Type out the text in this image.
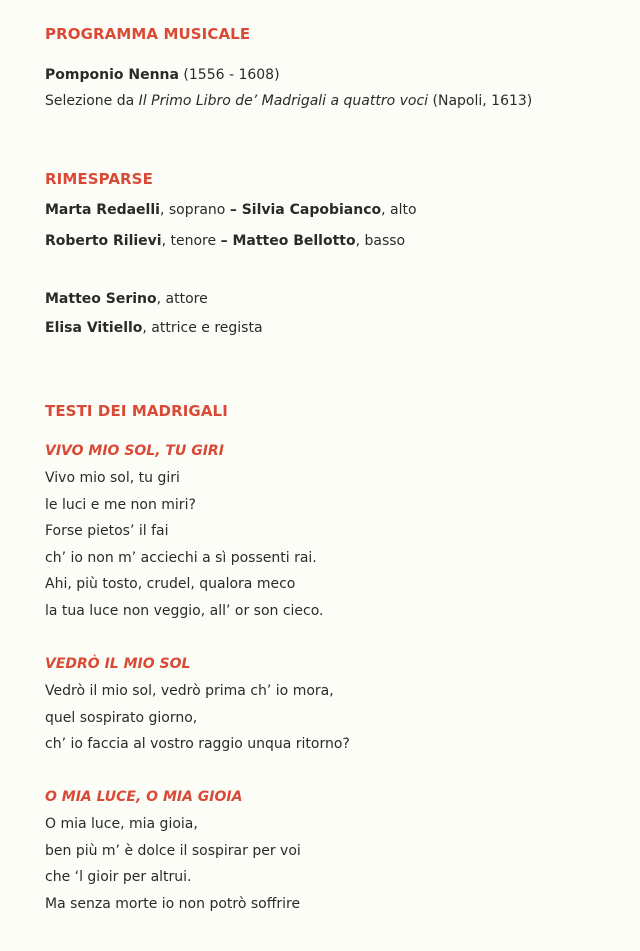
PROGRAMMA MUSICALE

Pomponio Nenna (1556 - 1608)

Selezione da Il Primo Libro de’ Madrigali a quattro voci (Napoli, 1613)

RIMESPARSE

Marta Redaelli, soprano – Silvia Capobianco, alto

Roberto Rilievi, tenore – Matteo Bellotto, basso

Matteo Serino, attore

Elisa Vitiello, attrice e regista

TESTI DEI MADRIGALI
VIVO MIO SOL, TU GIRI
Vivo mio sol, tu giri
le luci e me non miri?
Forse pietos’ il fai
ch’ io non m’ acciechi a sì possenti rai.
Ahi, più tosto, crudel, qualora meco
la tua luce non veggio, all’ or son cieco.
VEDRÒ IL MIO SOL
Vedrò il mio sol, vedrò prima ch’ io mora,
quel sospirato giorno,
ch’ io faccia al vostro raggio unqua ritorno?
O MIA LUCE, O MIA GIOIA
O mia luce, mia gioia,
ben più m’ è dolce il sospirar per voi
che ‘l gioir per altrui.
Ma senza morte io non potrò soffrire
